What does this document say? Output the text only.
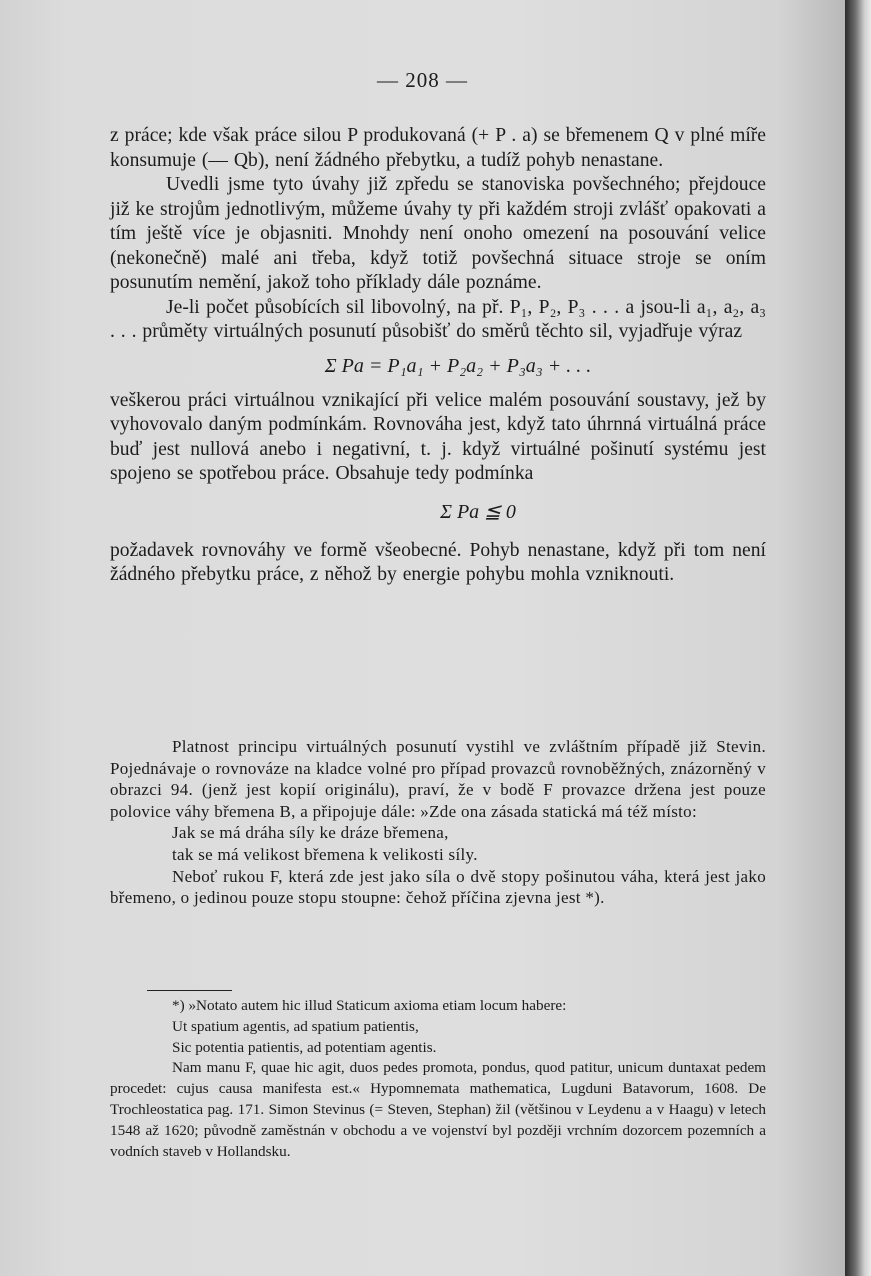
— 208 —

z práce; kde však práce silou P produkovaná (+ P . a) se břemenem Q v plné míře konsumuje (— Qb), není žádného přebytku, a tudíž pohyb nenastane.

Uvedli jsme tyto úvahy již zpředu se stanoviska povšechného; přejdouce již ke strojům jednotlivým, můžeme úvahy ty při každém stroji zvlášť opakovati a tím ještě více je objasniti. Mnohdy není onoho omezení na posouvání velice (nekonečně) malé ani třeba, když totiž povšechná situace stroje se oním posunutím nemění, jakož toho příklady dále poznáme.

Je-li počet působících sil libovolný, na př. P₁, P₂, P₃ . . . a jsou-li a₁, a₂, a₃ . . . průměty virtuálných posunutí působišť do směrů těchto sil, vyjadřuje výraz

Σ Pa = P₁a₁ + P₂a₂ + P₃a₃ + . . .

veškerou práci virtuálnou vznikající při velice malém posouvání soustavy, jež by vyhovovalo daným podmínkám. Rovnováha jest, když tato úhrnná virtuálná práce buď jest nullová anebo i negativní, t. j. když virtuálné pošinutí systému jest spojeno se spotřebou práce. Obsahuje tedy podmínka

Σ Pa ≦ 0

požadavek rovnováhy ve formě všeobecné. Pohyb nenastane, když při tom není žádného přebytku práce, z něhož by energie pohybu mohla vzniknouti.

Platnost principu virtuálných posunutí vystihl ve zvláštním případě již Stevin. Pojednávaje o rovnováze na kladce volné pro případ provazců rovnoběžných, znázorněný v obrazci 94. (jenž jest kopií originálu), praví, že v bodě F provazce držena jest pouze polovice váhy břemena B, a připojuje dále: »Zde ona zásada statická má též místo:

Jak se má dráha síly ke dráze břemena,

tak se má velikost břemena k velikosti síly.

Neboť rukou F, která zde jest jako síla o dvě stopy pošinutou váha, která jest jako břemeno, o jedinou pouze stopu stoupne: čehož příčina zjevna jest *).

*) »Notato autem hic illud Staticum axioma etiam locum habere:

Ut spatium agentis, ad spatium patientis,

Sic potentia patientis, ad potentiam agentis.

Nam manu F, quae hic agit, duos pedes promota, pondus, quod patitur, unicum duntaxat pedem procedet: cujus causa manifesta est.« Hypomnemata mathematica, Lugduni Batavorum, 1608. De Trochleostatica pag. 171. Simon Stevinus (= Steven, Stephan) žil (většinou v Leydenu a v Haagu) v letech 1548 až 1620; původně zaměstnán v obchodu a ve vojenství byl později vrchním dozorcem pozemních a vodních staveb v Hollandsku.
